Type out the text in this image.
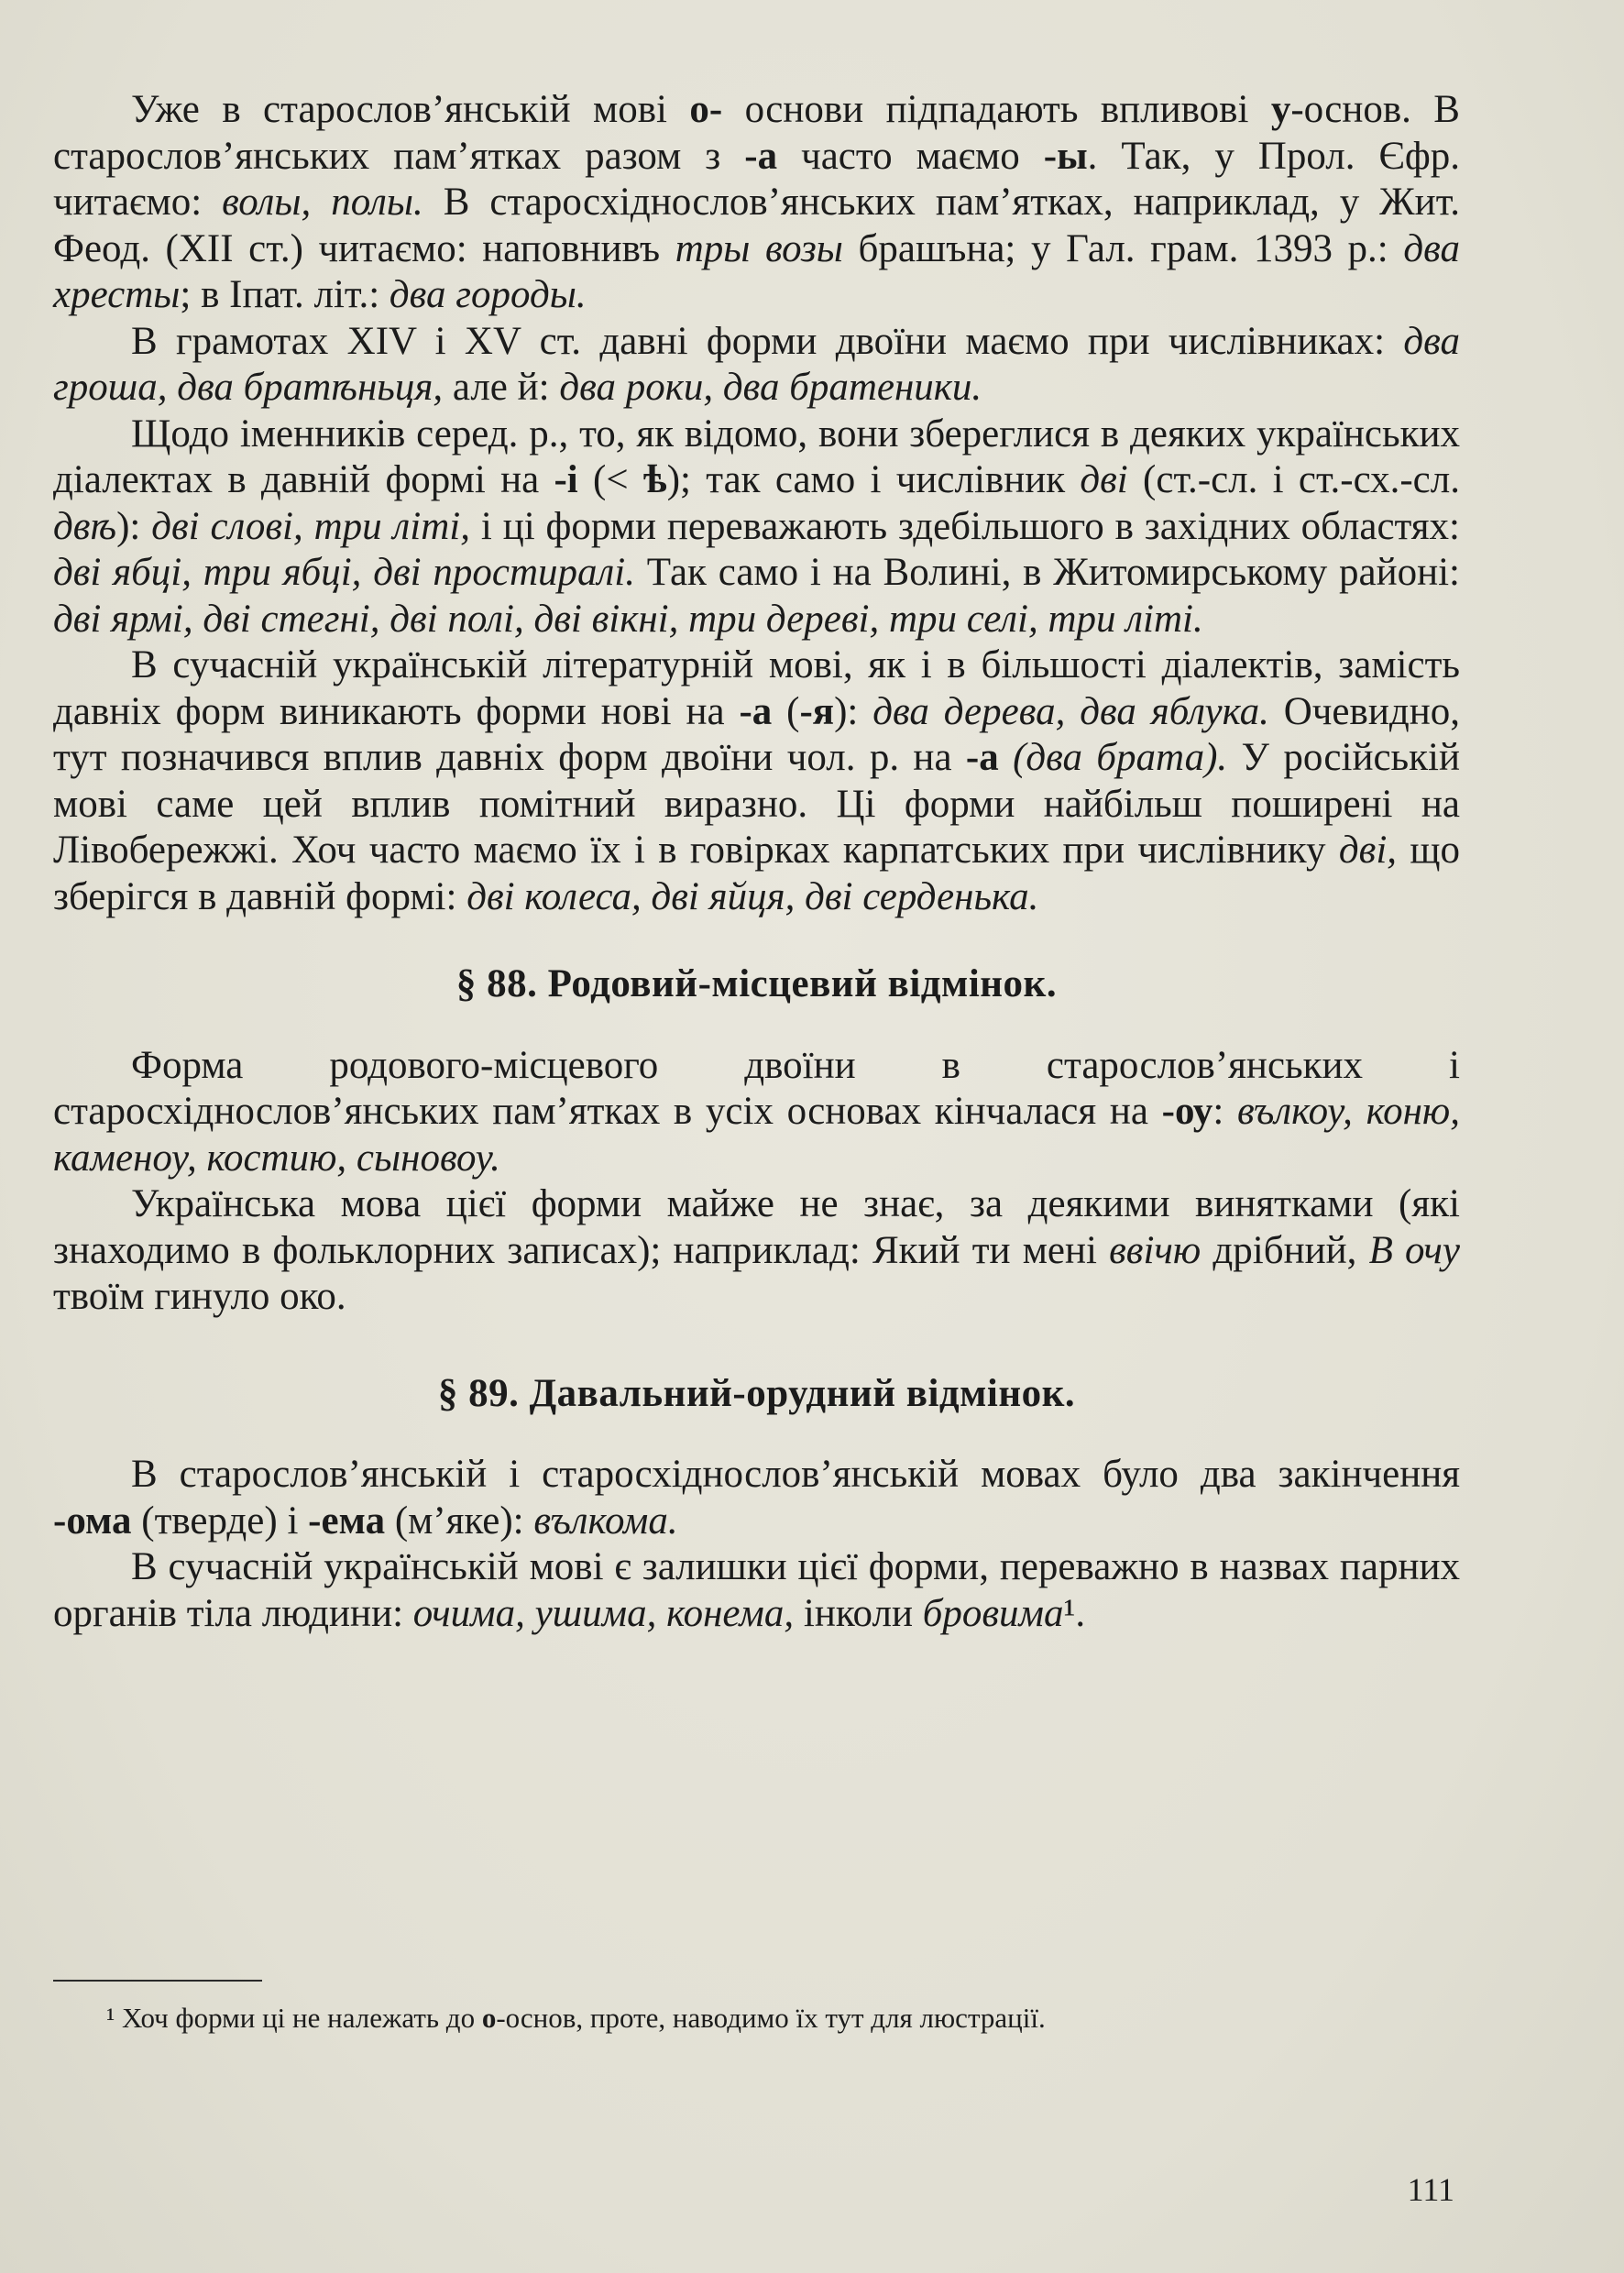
Уже в старослов’янській мові о- основи підпадають впливові у-основ. В старослов’янських пам’ятках разом з -а часто маємо -ы. Так, у Прол. Єфр. читаємо: волы, полы. В старосхіднослов’янських пам’ятках, наприклад, у Жит. Феод. (XII ст.) читаємо: наповнивъ тры возы брашъна; у Гал. грам. 1393 р.: два хресты; в Іпат. літ.: два городы.

В грамотах XIV і XV ст. давні форми двоїни маємо при числівниках: два гроша, два братѣньця, але й: два роки, два братеники.

Щодо іменників серед. р., то, як відомо, вони збереглися в деяких українських діалектах в давній формі на -і (< ѣ); так само і числівник дві (ст.-сл. і ст.-сх.-сл. двѣ): дві слові, три літі, і ці форми переважають здебільшого в західних областях: дві ябці, три ябці, дві простиралі. Так само і на Волині, в Житомирському районі: дві ярмі, дві стегні, дві полі, дві вікні, три дереві, три селі, три літі.

В сучасній українській літературній мові, як і в більшості діалектів, замість давніх форм виникають форми нові на -а (-я): два дерева, два яблука. Очевидно, тут позначився вплив давніх форм двоїни чол. р. на -а (два брата). У російській мові саме цей вплив помітний виразно. Ці форми найбільш поширені на Лівобережжі. Хоч часто маємо їх і в говірках карпатських при числівнику дві, що зберігся в давній формі: дві колеса, дві яйця, дві серденька.

§ 88. Родовий-місцевий відмінок.

Форма родового-місцевого двоїни в старослов’янських і старосхіднослов’янських пам’ятках в усіх основах кінчалася на -оу: вълкоу, коню, каменоу, костию, сыновоу.

Українська мова цієї форми майже не знає, за деякими винятками (які знаходимо в фольклорних записах); наприклад: Який ти мені ввічю дрібний, В очу твоїм гинуло око.

§ 89. Давальний-орудний відмінок.

В старослов’янській і старосхіднослов’янській мовах було два закінчення -ома (тверде) і -ема (м’яке): вълкома.

В сучасній українській мові є залишки цієї форми, переважно в назвах парних органів тіла людини: очима, ушима, конема, інколи бровима¹.

¹ Хоч форми ці не належать до о-основ, проте, наводимо їх тут для люстрації.

111
